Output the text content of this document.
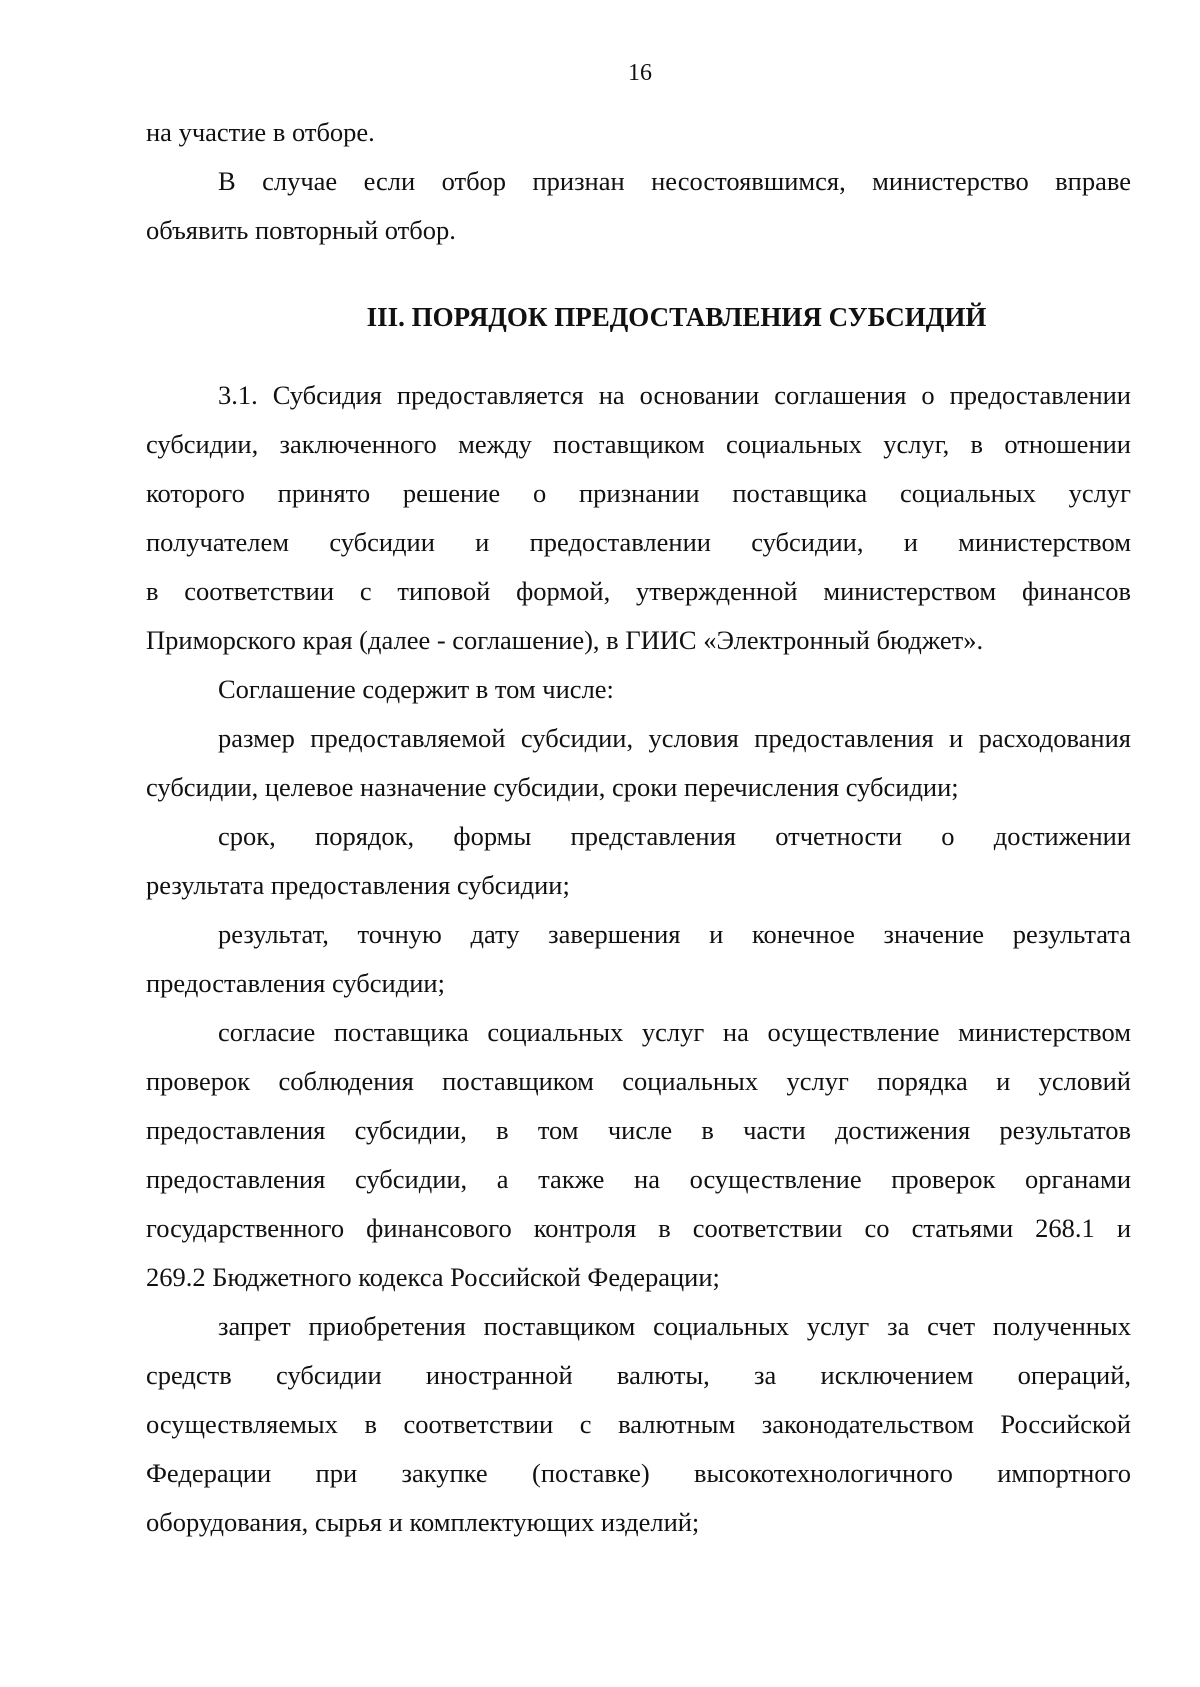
16
на участие в отборе.
В случае если отбор признан несостоявшимся, министерство вправе
объявить повторный отбор.
III. ПОРЯДОК ПРЕДОСТАВЛЕНИЯ СУБСИДИЙ
3.1. Субсидия предоставляется на основании соглашения о предоставлении
субсидии, заключенного между поставщиком социальных услуг, в отношении
которого принято решение о признании поставщика социальных услуг
получателем субсидии и предоставлении субсидии, и министерством
в соответствии с типовой формой, утвержденной министерством финансов
Приморского края (далее - соглашение), в ГИИС «Электронный бюджет».
Соглашение содержит в том числе:
размер предоставляемой субсидии, условия предоставления и расходования
субсидии, целевое назначение субсидии, сроки перечисления субсидии;
срок, порядок, формы представления отчетности о достижении
результата предоставления субсидии;
результат, точную дату завершения и конечное значение результата
предоставления субсидии;
согласие поставщика социальных услуг на осуществление министерством
проверок соблюдения поставщиком социальных услуг порядка и условий
предоставления субсидии, в том числе в части достижения результатов
предоставления субсидии, а также на осуществление проверок органами
государственного финансового контроля в соответствии со статьями 268.1 и
269.2 Бюджетного кодекса Российской Федерации;
запрет приобретения поставщиком социальных услуг за счет полученных
средств субсидии иностранной валюты, за исключением операций,
осуществляемых в соответствии с валютным законодательством Российской
Федерации при закупке (поставке) высокотехнологичного импортного
оборудования, сырья и комплектующих изделий;
